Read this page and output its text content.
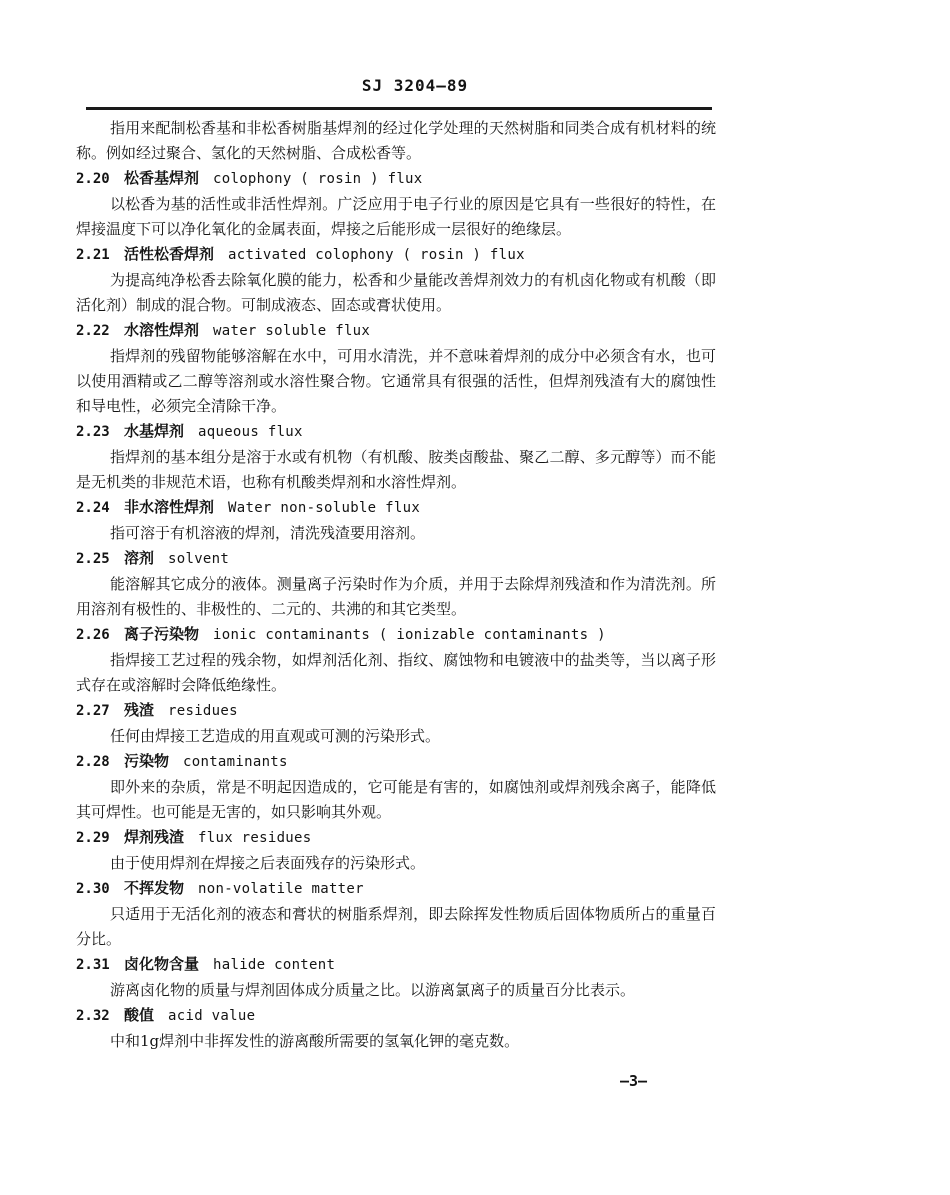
SJ 3204—89

指用来配制松香基和非松香树脂基焊剂的经过化学处理的天然树脂和同类合成有机材料的统称。例如经过聚合、氢化的天然树脂、合成松香等。

2.20 松香基焊剂 colophony ( rosin ) flux

以松香为基的活性或非活性焊剂。广泛应用于电子行业的原因是它具有一些很好的特性，在焊接温度下可以净化氧化的金属表面，焊接之后能形成一层很好的绝缘层。

2.21 活性松香焊剂 activated colophony ( rosin ) flux

为提高纯净松香去除氧化膜的能力，松香和少量能改善焊剂效力的有机卤化物或有机酸（即活化剂）制成的混合物。可制成液态、固态或膏状使用。

2.22 水溶性焊剂 water soluble flux

指焊剂的残留物能够溶解在水中，可用水清洗，并不意味着焊剂的成分中必须含有水，也可以使用酒精或乙二醇等溶剂或水溶性聚合物。它通常具有很强的活性，但焊剂残渣有大的腐蚀性和导电性，必须完全清除干净。

2.23 水基焊剂 aqueous flux

指焊剂的基本组分是溶于水或有机物（有机酸、胺类卤酸盐、聚乙二醇、多元醇等）而不能是无机类的非规范术语，也称有机酸类焊剂和水溶性焊剂。

2.24 非水溶性焊剂 Water non-soluble flux

指可溶于有机溶液的焊剂，清洗残渣要用溶剂。

2.25 溶剂 solvent

能溶解其它成分的液体。测量离子污染时作为介质，并用于去除焊剂残渣和作为清洗剂。所用溶剂有极性的、非极性的、二元的、共沸的和其它类型。

2.26 离子污染物 ionic contaminants ( ionizable contaminants )

指焊接工艺过程的残余物，如焊剂活化剂、指纹、腐蚀物和电镀液中的盐类等，当以离子形式存在或溶解时会降低绝缘性。

2.27 残渣 residues

任何由焊接工艺造成的用直观或可测的污染形式。

2.28 污染物 contaminants

即外来的杂质，常是不明起因造成的，它可能是有害的，如腐蚀剂或焊剂残余离子，能降低其可焊性。也可能是无害的，如只影响其外观。

2.29 焊剂残渣 flux residues

由于使用焊剂在焊接之后表面残存的污染形式。

2.30 不挥发物 non-volatile matter

只适用于无活化剂的液态和膏状的树脂系焊剂，即去除挥发性物质后固体物质所占的重量百分比。

2.31 卤化物含量 halide content

游离卤化物的质量与焊剂固体成分质量之比。以游离氯离子的质量百分比表示。

2.32 酸值 acid value

中和1g焊剂中非挥发性的游离酸所需要的氢氧化钾的毫克数。

—3—
